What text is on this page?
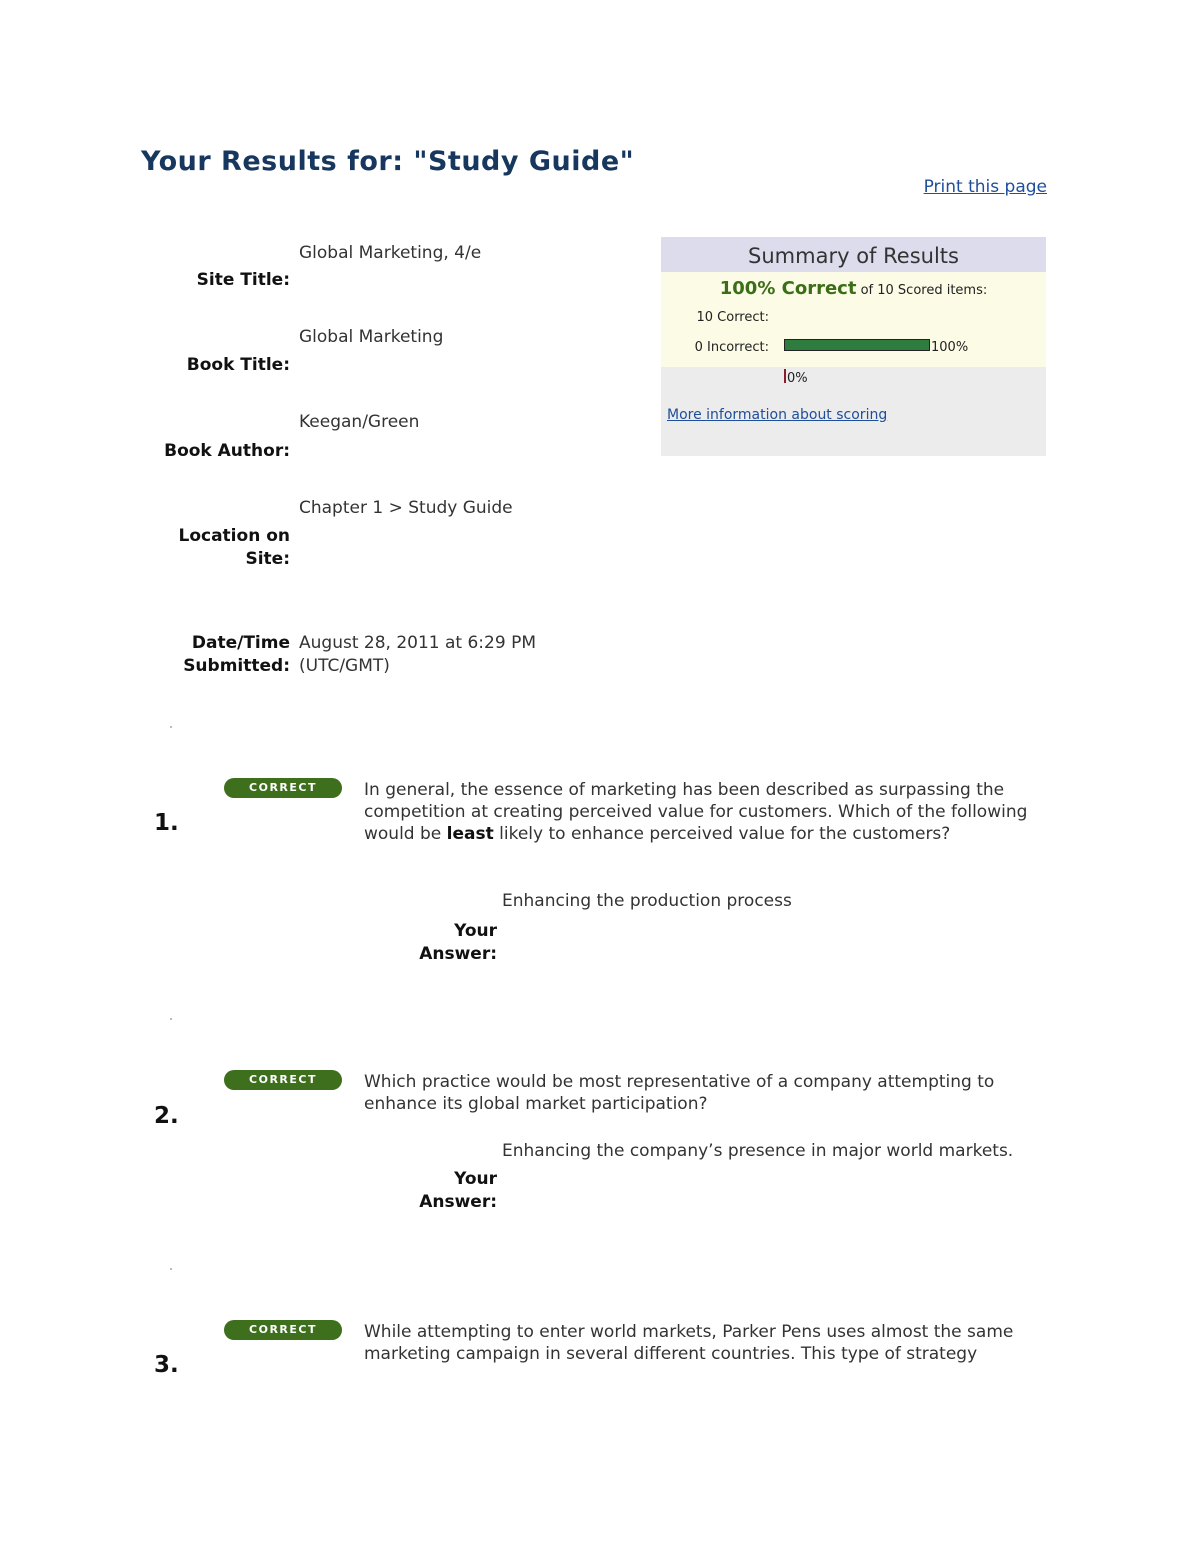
Your Results for: "Study Guide"
Print this page
Global Marketing, 4/e
Site Title:
Global Marketing
Book Title:
Keegan/Green
Book Author:
Chapter 1 > Study Guide
Location on
Site:
Date/Time
Submitted:
August 28, 2011 at 6:29 PM
(UTC/GMT)
Summary of Results
100% Correct of 10 Scored items:
10 Correct:
100%
0 Incorrect:
0%
More information about scoring
CORRECT
1.
In general, the essence of marketing has been described as surpassing the competition at creating perceived value for customers. Which of the following would be least likely to enhance perceived value for the customers?
Enhancing the production process
Your
Answer:
CORRECT
2.
Which practice would be most representative of a company attempting to enhance its global market participation?
Enhancing the company’s presence in major world markets.
Your
Answer:
CORRECT
3.
While attempting to enter world markets, Parker Pens uses almost the same marketing campaign in several different countries. This type of strategy
